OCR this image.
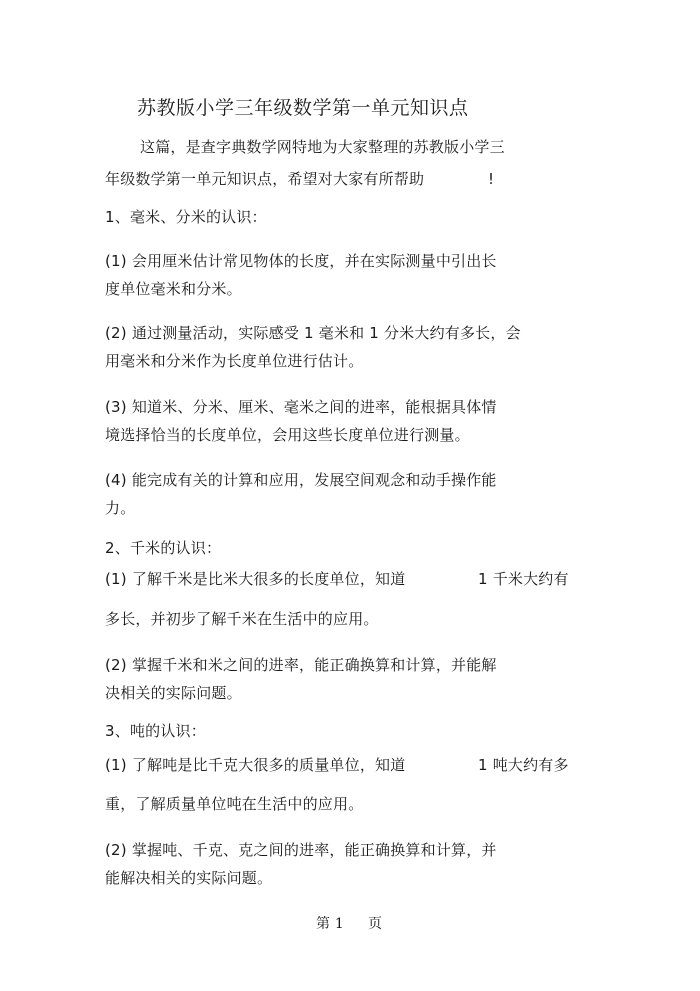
苏教版小学三年级数学第一单元知识点
这篇，是查字典数学网特地为大家整理的苏教版小学三
年级数学第一单元知识点，希望对大家有所帮助	!
1、毫米、分米的认识：
(1) 会用厘米估计常见物体的长度，并在实际测量中引出长
度单位毫米和分米。
(2) 通过测量活动，实际感受 1 毫米和 1 分米大约有多长，会
用毫米和分米作为长度单位进行估计。
(3) 知道米、分米、厘米、毫米之间的进率，能根据具体情
境选择恰当的长度单位，会用这些长度单位进行测量。
(4) 能完成有关的计算和应用，发展空间观念和动手操作能
力。
2、千米的认识：
(1) 了解千米是比米大很多的长度单位，知道	1 千米大约有
多长，并初步了解千米在生活中的应用。
(2) 掌握千米和米之间的进率，能正确换算和计算，并能解
决相关的实际问题。
3、吨的认识：
(1) 了解吨是比千克大很多的质量单位，知道	1 吨大约有多
重，了解质量单位吨在生活中的应用。
(2) 掌握吨、千克、克之间的进率，能正确换算和计算，并
能解决相关的实际问题。
第 1 页
